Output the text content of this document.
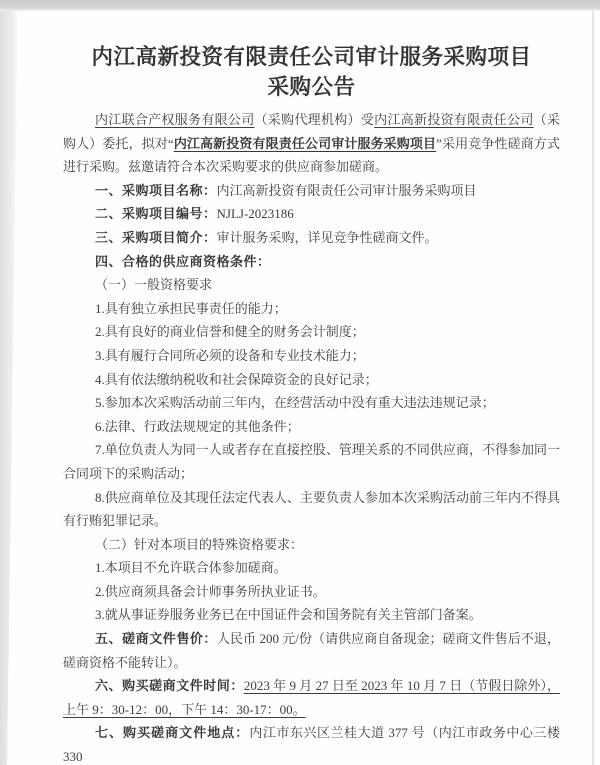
内江高新投资有限责任公司审计服务采购项目
采购公告

内江联合产权服务有限公司（采购代理机构）受内江高新投资有限责任公司（采购人）委托，拟对“内江高新投资有限责任公司审计服务采购项目”采用竞争性磋商方式进行采购。兹邀请符合本次采购要求的供应商参加磋商。

一、采购项目名称：内江高新投资有限责任公司审计服务采购项目

二、采购项目编号：NJLJ-2023186

三、采购项目简介：审计服务采购，详见竞争性磋商文件。

四、合格的供应商资格条件：

（一）一般资格要求

1.具有独立承担民事责任的能力；

2.具有良好的商业信誉和健全的财务会计制度；

3.具有履行合同所必须的设备和专业技术能力；

4.具有依法缴纳税收和社会保障资金的良好记录；

5.参加本次采购活动前三年内，在经营活动中没有重大违法违规记录；

6.法律、行政法规规定的其他条件；

7.单位负责人为同一人或者存在直接控股、管理关系的不同供应商，不得参加同一合同项下的采购活动；

8.供应商单位及其现任法定代表人、主要负责人参加本次采购活动前三年内不得具有行贿犯罪记录。

（二）针对本项目的特殊资格要求：

1.本项目不允许联合体参加磋商。

2.供应商须具备会计师事务所执业证书。

3.就从事证券服务业务已在中国证件会和国务院有关主管部门备案。

五、磋商文件售价：人民币 200 元/份（请供应商自备现金；磋商文件售后不退，磋商资格不能转让）。

六、购买磋商文件时间：2023 年 9 月 27 日至 2023 年 10 月 7 日（节假日除外），上午 9：30-12：00，下午 14：30-17：00。

七、购买磋商文件地点：内江市东兴区兰桂大道 377 号（内江市政务中心三楼 330
